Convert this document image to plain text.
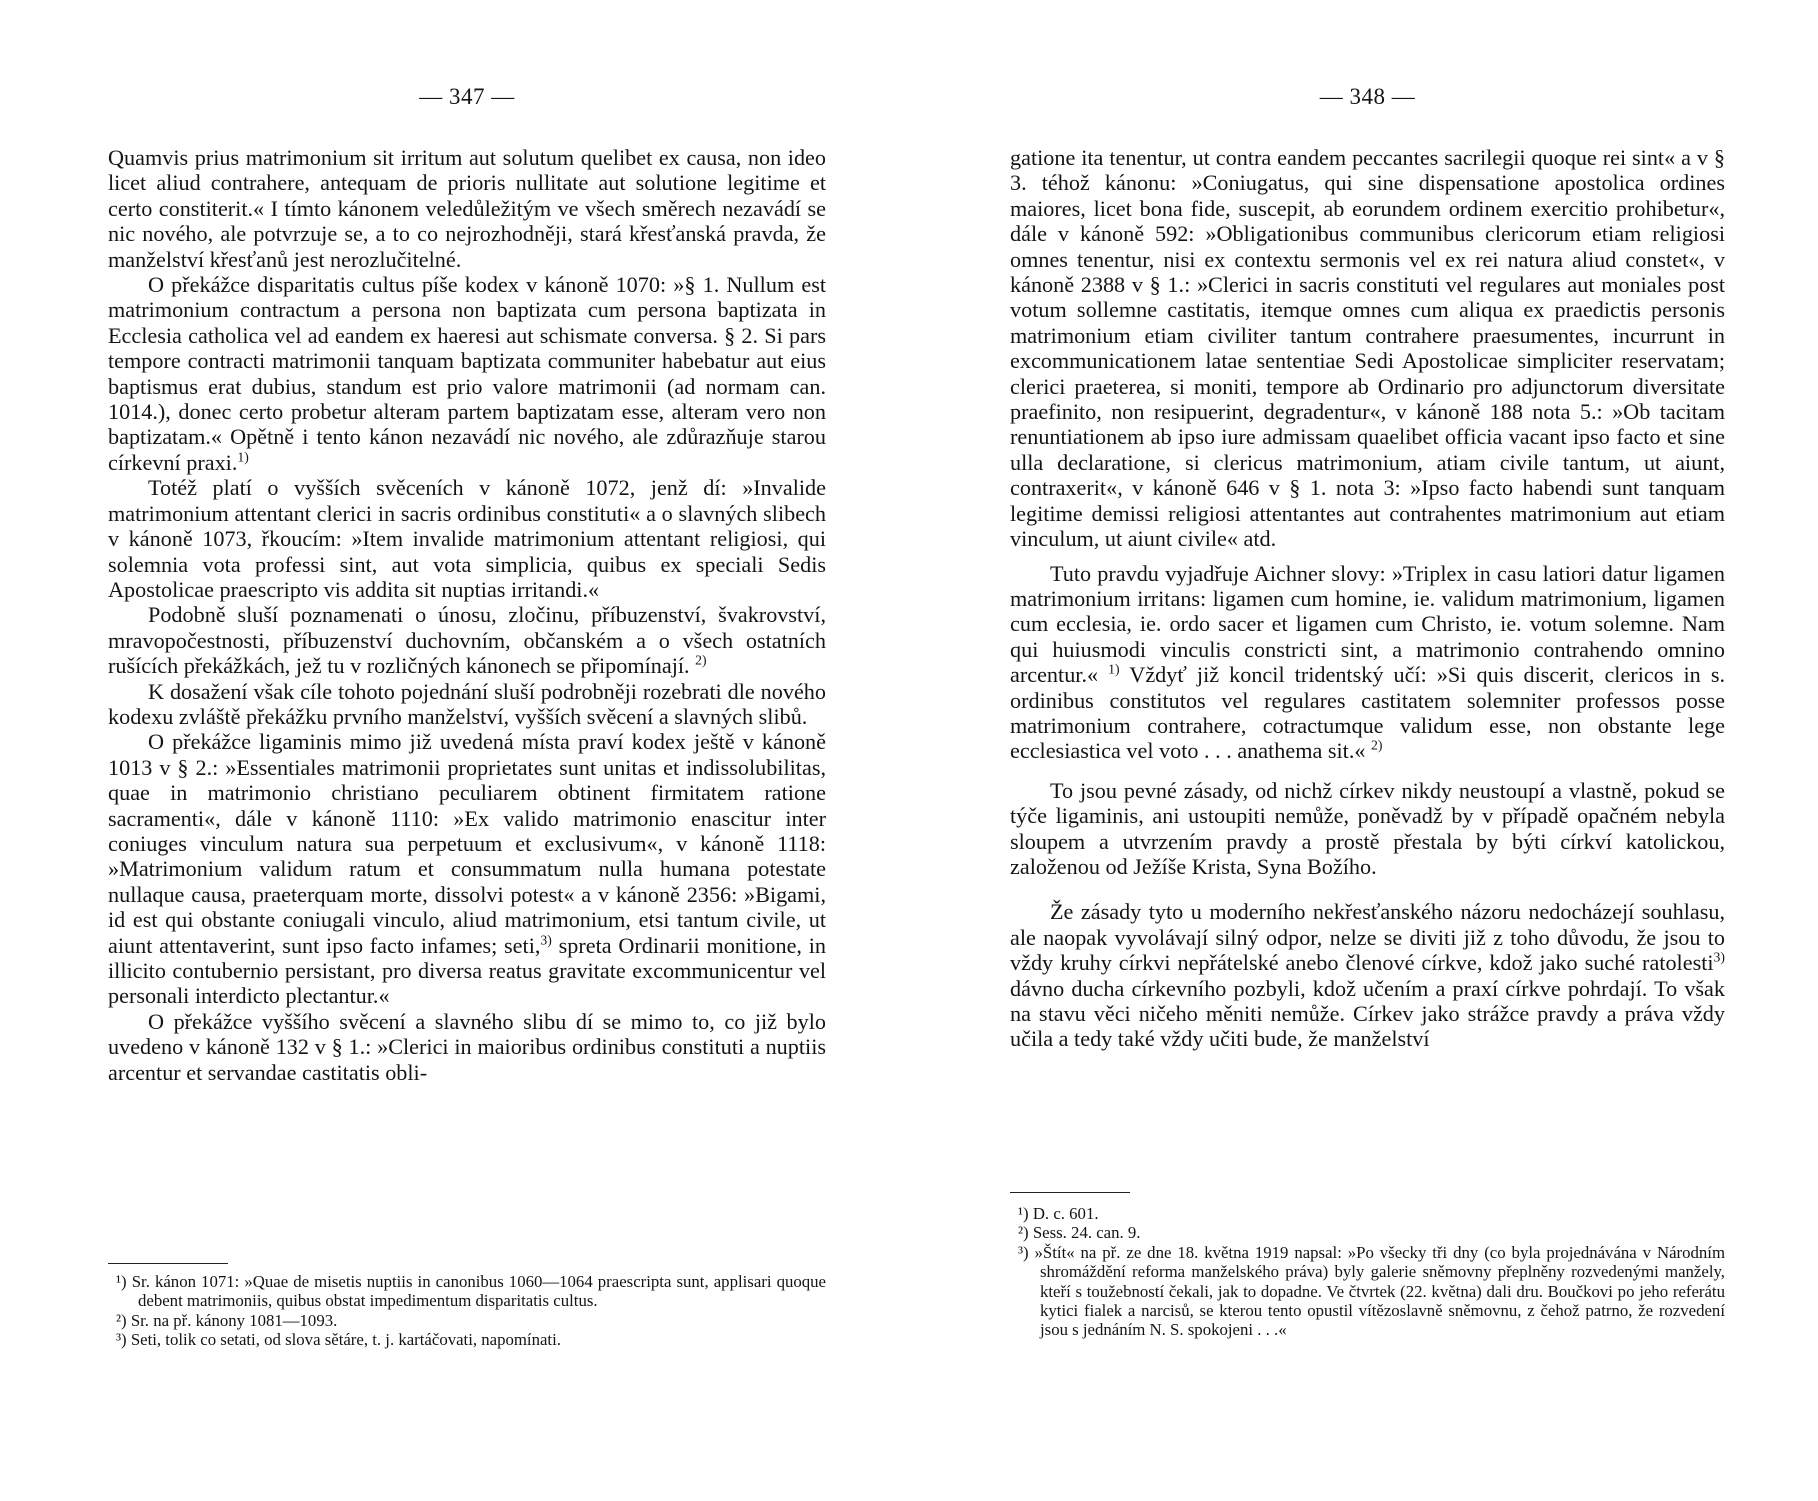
— 347 —

Quamvis prius matrimonium sit irritum aut solutum quelibet ex causa, non ideo licet aliud contrahere, antequam de prioris nullitate aut solutione legitime et certo constiterit.« I tímto kánonem veledůležitým ve všech směrech nezavádí se nic nového, ale potvrzuje se, a to co nejrozhodněji, stará křesťanská pravda, že manželství křesťanů jest nerozlučitelné.

O překážce disparitatis cultus píše kodex v kánoně 1070: »§ 1. Nullum est matrimonium contractum a persona non baptizata cum persona baptizata in Ecclesia catholica vel ad eandem ex haeresi aut schismate conversa. § 2. Si pars tempore contracti matrimonii tanquam baptizata communiter habebatur aut eius baptismus erat dubius, standum est prio valore matrimonii (ad normam can. 1014.), donec certo probetur alteram partem baptizatam esse, alteram vero non baptizatam.« Opětně i tento kánon nezavádí nic nového, ale zdůrazňuje starou církevní praxi.$^{1)}$

Totéž platí o vyšších svěceních v kánoně 1072, jenž dí: »Invalide matrimonium attentant clerici in sacris ordinibus constituti« a o slavných slibech v kánoně 1073, řkoucím: »Item invalide matrimonium attentant religiosi, qui solemnia vota professi sint, aut vota simplicia, quibus ex speciali Sedis Apostolicae praescripto vis addita sit nuptias irritandi.«

Podobně sluší poznamenati o únosu, zločinu, příbuzenství, švakrovství, mravopočestnosti, příbuzenství duchovním, občanském a o všech ostatních rušících překážkách, jež tu v rozličných kánonech se připomínají. $^{2)}$

K dosažení však cíle tohoto pojednání sluší podrobněji rozebrati dle nového kodexu zvláště překážku prvního manželství, vyšších svěcení a slavných slibů.

O překážce ligaminis mimo již uvedená místa praví kodex ještě v kánoně 1013 v § 2.: »Essentiales matrimonii proprietates sunt unitas et indissolubilitas, quae in matrimonio christiano peculiarem obtinent firmitatem ratione sacramenti«, dále v kánoně 1110: »Ex valido matrimonio enascitur inter coniuges vinculum natura sua perpetuum et exclusivum«, v kánoně 1118: »Matrimonium validum ratum et consummatum nulla humana potestate nullaque causa, praeterquam morte, dissolvi potest« a v kánoně 2356: »Bigami, id est qui obstante coniugali vinculo, aliud matrimonium, etsi tantum civile, ut aiunt attentaverint, sunt ipso facto infames; seti,$^{3)}$ spreta Ordinarii monitione, in illicito contubernio persistant, pro diversa reatus gravitate excommunicentur vel personali interdicto plectantur.«

O překážce vyššího svěcení a slavného slibu dí se mimo to, co již bylo uvedeno v kánoně 132 v § 1.: »Clerici in maioribus ordinibus constituti a nuptiis arcentur et servandae castitatis obli-

¹) Sr. kánon 1071: »Quae de misetis nuptiis in canonibus 1060—1064 praescripta sunt, applisari quoque debent matrimoniis, quibus obstat impedimentum disparitatis cultus.

²) Sr. na př. kánony 1081—1093.

³) Seti, tolik co setati, od slova sětáre, t. j. kartáčovati, napomínati.

— 348 —

gatione ita tenentur, ut contra eandem peccantes sacrilegii quoque rei sint« a v § 3. téhož kánonu: »Coniugatus, qui sine dispensatione apostolica ordines maiores, licet bona fide, suscepit, ab eorundem ordinem exercitio prohibetur«, dále v kánoně 592: »Obligationibus communibus clericorum etiam religiosi omnes tenentur, nisi ex contextu sermonis vel ex rei natura aliud constet«, v kánoně 2388 v § 1.: »Clerici in sacris constituti vel regulares aut moniales post votum sollemne castitatis, itemque omnes cum aliqua ex praedictis personis matrimonium etiam civiliter tantum contrahere praesumentes, incurrunt in excommunicationem latae sententiae Sedi Apostolicae simpliciter reservatam; clerici praeterea, si moniti, tempore ab Ordinario pro adjunctorum diversitate praefinito, non resipuerint, degradentur«, v kánoně 188 nota 5.: »Ob tacitam renuntiationem ab ipso iure admissam quaelibet officia vacant ipso facto et sine ulla declaratione, si clericus matrimonium, atiam civile tantum, ut aiunt, contraxerit«, v kánoně 646 v § 1. nota 3: »Ipso facto habendi sunt tanquam legitime demissi religiosi attentantes aut contrahentes matrimonium aut etiam vinculum, ut aiunt civile« atd.

Tuto pravdu vyjadřuje Aichner slovy: »Triplex in casu latiori datur ligamen matrimonium irritans: ligamen cum homine, ie. validum matrimonium, ligamen cum ecclesia, ie. ordo sacer et ligamen cum Christo, ie. votum solemne. Nam qui huiusmodi vinculis constricti sint, a matrimonio contrahendo omnino arcentur.« $^{1)}$ Vždyť již koncil tridentský učí: »Si quis discerit, clericos in s. ordinibus constitutos vel regulares castitatem solemniter professos posse matrimonium contrahere, cotractumque validum esse, non obstante lege ecclesiastica vel voto . . . anathema sit.« $^{2)}$

To jsou pevné zásady, od nichž církev nikdy neustoupí a vlastně, pokud se týče ligaminis, ani ustoupiti nemůže, poněvadž by v případě opačném nebyla sloupem a utvrzením pravdy a prostě přestala by býti církví katolickou, založenou od Ježíše Krista, Syna Božího.

Že zásady tyto u moderního nekřesťanského názoru nedocházejí souhlasu, ale naopak vyvolávají silný odpor, nelze se diviti již z toho důvodu, že jsou to vždy kruhy církvi nepřátelské anebo členové církve, kdož jako suché ratolesti$^{3)}$ dávno ducha církevního pozbyli, kdož učením a praxí církve pohrdají. To však na stavu věci ničeho měniti nemůže. Církev jako strážce pravdy a práva vždy učila a tedy také vždy učiti bude, že manželství

¹) D. c. 601.

²) Sess. 24. can. 9.

³) »Štít« na př. ze dne 18. května 1919 napsal: »Po všecky tři dny (co byla projednávána v Národním shromáždění reforma manželského práva) byly galerie sněmovny přeplněny rozvedenými manžely, kteří s toužebností čekali, jak to dopadne. Ve čtvrtek (22. května) dali dru. Boučkovi po jeho referátu kytici fialek a narcisů, se kterou tento opustil vítězoslavně sněmovnu, z čehož patrno, že rozvedení jsou s jednáním N. S. spokojeni . . .«
